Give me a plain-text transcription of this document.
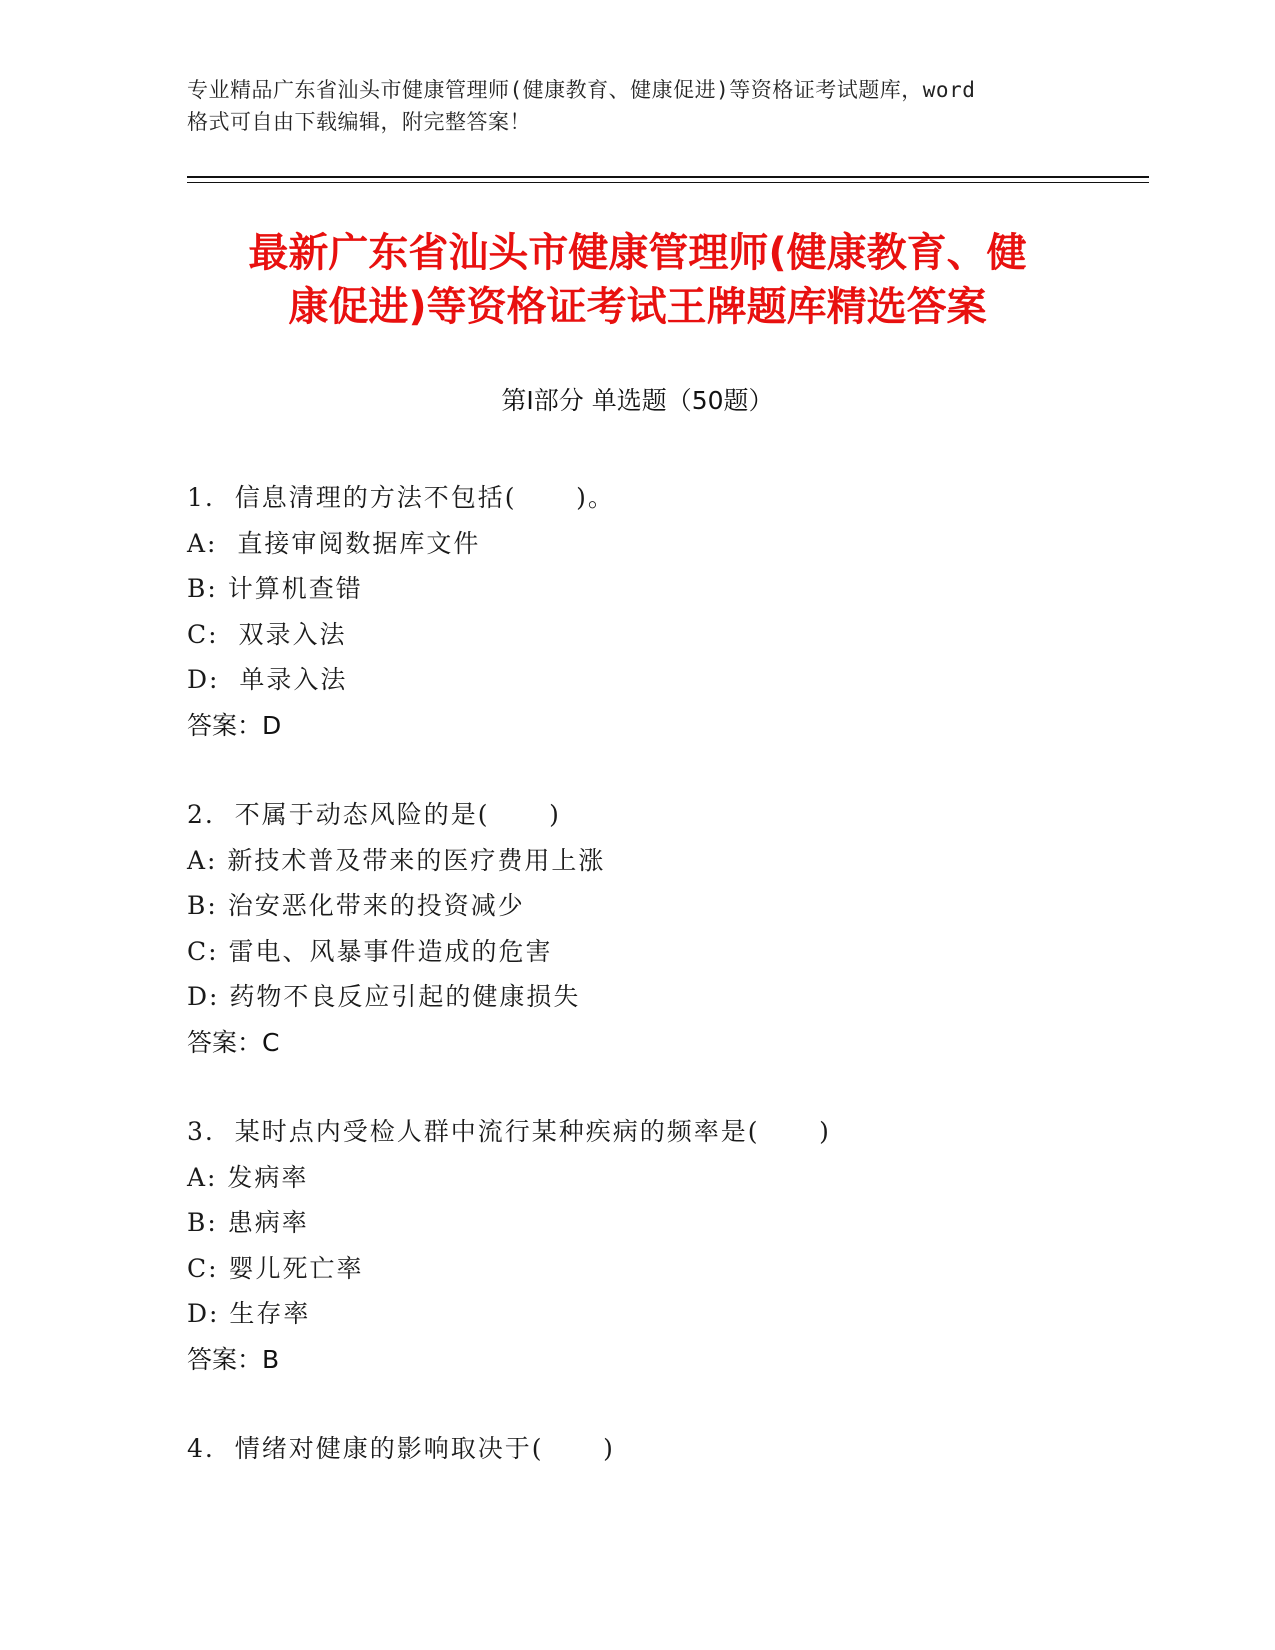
专业精品广东省汕头市健康管理师(健康教育、健康促进)等资格证考试题库，word
格式可自由下载编辑，附完整答案！
最新广东省汕头市健康管理师(健康教育、健
康促进)等资格证考试王牌题库精选答案
第Ⅰ部分 单选题（50题）
1.  信息清理的方法不包括(      )。
A:  直接审阅数据库文件
B: 计算机查错
C:  双录入法
D:  单录入法
答案：D
2.  不属于动态风险的是(      )
A: 新技术普及带来的医疗费用上涨
B: 治安恶化带来的投资减少
C: 雷电、风暴事件造成的危害
D: 药物不良反应引起的健康损失
答案：C
3.  某时点内受检人群中流行某种疾病的频率是(      )
A: 发病率
B: 患病率
C: 婴儿死亡率
D: 生存率
答案：B
4.  情绪对健康的影响取决于(      )
